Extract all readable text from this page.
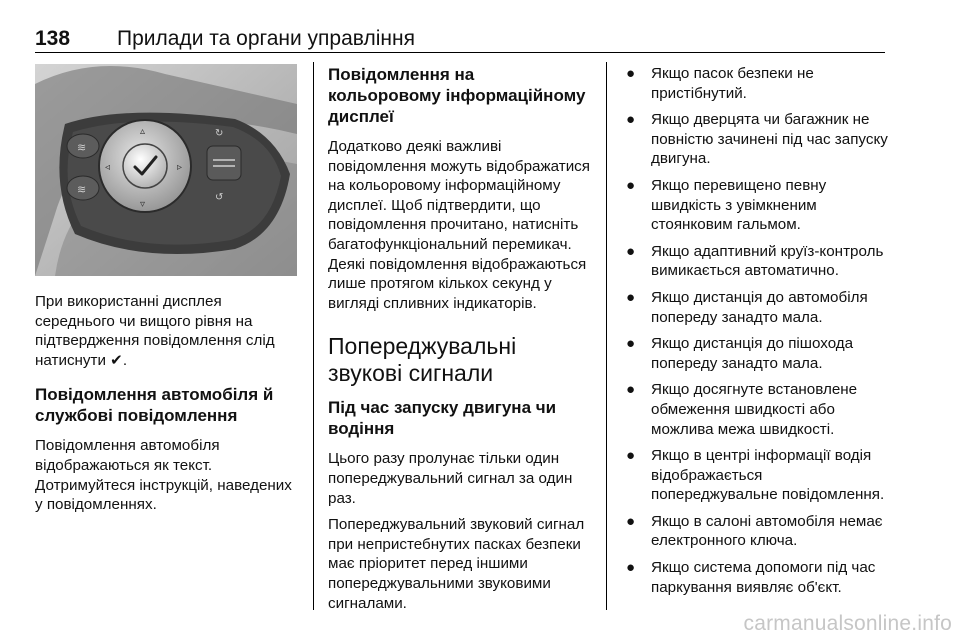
138 Прилади та органи управління
≋
≋
▵
▿
◃	▹
↻
↺

При використанні дисплея середнього чи вищого рівня на підтвердження повідомлення слід натиснути ✔.

Повідомлення автомобіля й службові повідомлення

Повідомлення автомобіля відображаються як текст. Дотримуйтеся інструкцій, наведених у повідомленнях.

Повідомлення на кольоровому інформаційному дисплеї

Додатково деякі важливі повідомлення можуть відображатися на кольоровому інформаційному дисплеї. Щоб підтвердити, що повідомлення прочитано, натисніть багатофункціональний перемикач. Деякі повідомлення відображаються лише протягом кількох секунд у вигляді спливних індикаторів.

Попереджувальні звукові сигнали
Під час запуску двигуна чи водіння

Цього разу пролунає тільки один попереджувальний сигнал за один раз.

Попереджувальний звуковий сигнал при непристебнутих пасках безпеки має пріоритет перед іншими попереджувальними звуковими сигналами.

● Якщо пасок безпеки не пристібнутий.
● Якщо дверцята чи багажник не повністю зачинені під час запуску двигуна.
● Якщо перевищено певну швидкість з увімкненим стоянковим гальмом.
● Якщо адаптивний круїз-контроль вимикається автоматично.
● Якщо дистанція до автомобіля попереду занадто мала.
● Якщо дистанція до пішохода попереду занадто мала.
● Якщо досягнуте встановлене обмеження швидкості або можлива межа швидкості.
● Якщо в центрі інформації водія відображається попереджувальне повідомлення.
● Якщо в салоні автомобіля немає електронного ключа.
● Якщо система допомоги під час паркування виявляє об'єкт.
carmanualsonline.info
